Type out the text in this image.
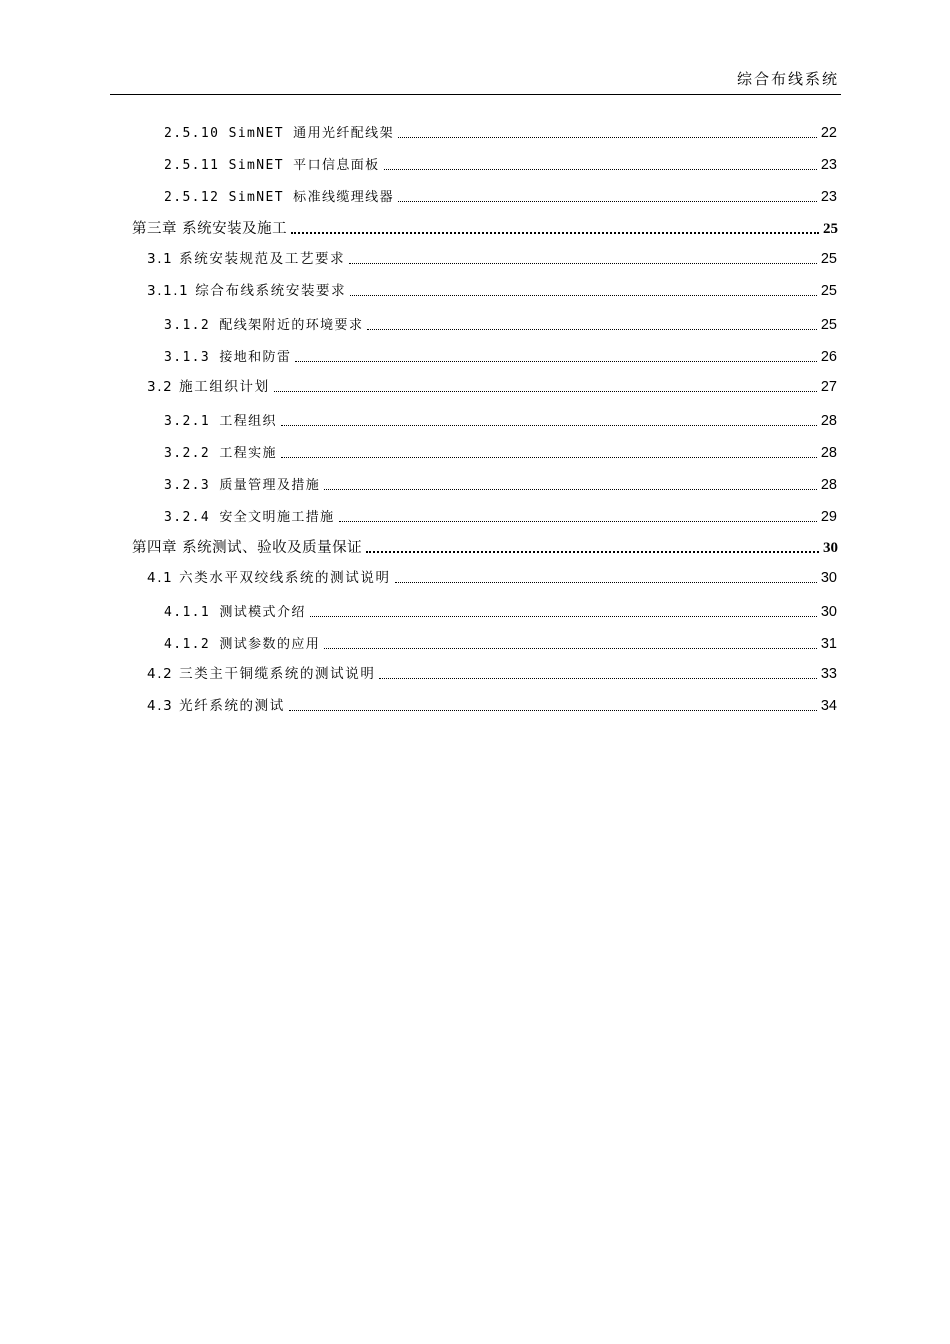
综合布线系统
2.5.10 SimNET 通用光纤配线架	22
2.5.11 SimNET 平口信息面板	23
2.5.12 SimNET 标准线缆理线器	23
第三章 系统安装及施工	25
3.1 系统安装规范及工艺要求	25
3.1.1 综合布线系统安装要求	25
3.1.2 配线架附近的环境要求	25
3.1.3 接地和防雷	26
3.2 施工组织计划	27
3.2.1 工程组织	28
3.2.2 工程实施	28
3.2.3 质量管理及措施	28
3.2.4 安全文明施工措施	29
第四章 系统测试、验收及质量保证	30
4.1 六类水平双绞线系统的测试说明	30
4.1.1 测试模式介绍	30
4.1.2 测试参数的应用	31
4.2 三类主干铜缆系统的测试说明	33
4.3 光纤系统的测试	34
